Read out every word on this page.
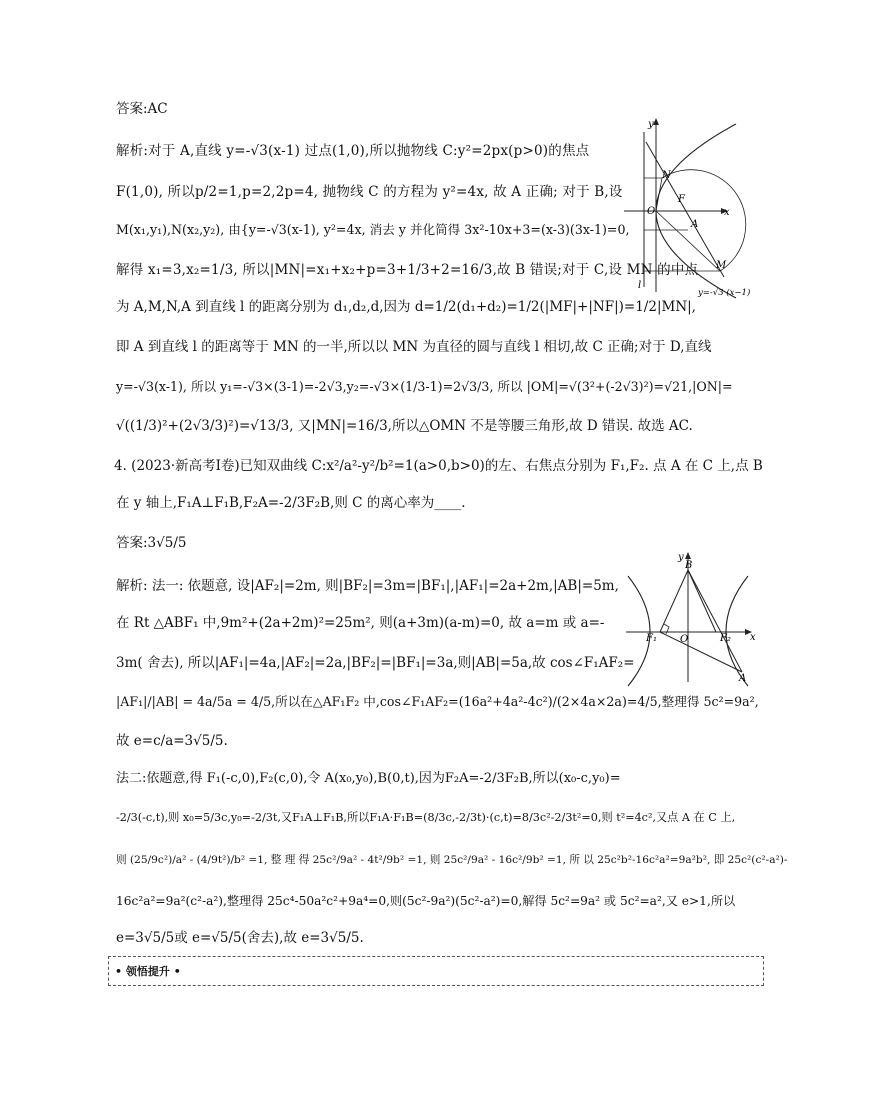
答案:AC
解析:对于 A,直线 y=-√3(x-1) 过点(1,0),所以抛物线 C:y²=2px(p>0)的焦点
F(1,0), 所以p/2=1,p=2,2p=4, 抛物线 C 的方程为 y²=4x, 故 A 正确; 对于 B,设
M(x₁,y₁),N(x₂,y₂), 由{y=-√3(x-1), y²=4x, 消去 y 并化简得 3x²-10x+3=(x-3)(3x-1)=0,
解得 x₁=3,x₂=1/3, 所以|MN|=x₁+x₂+p=3+1/3+2=16/3,故 B 错误;对于 C,设 MN 的中点
为 A,M,N,A 到直线 l 的距离分别为 d₁,d₂,d,因为 d=1/2(d₁+d₂)=1/2(|MF|+|NF|)=1/2|MN|,
即 A 到直线 l 的距离等于 MN 的一半,所以以 MN 为直径的圆与直线 l 相切,故 C 正确;对于 D,直线
y=-√3(x-1), 所以 y₁=-√3×(3-1)=-2√3,y₂=-√3×(1/3-1)=2√3/3, 所以 |OM|=√(3²+(-2√3)²)=√21,|ON|=
√((1/3)²+(2√3/3)²)=√13/3, 又|MN|=16/3,所以△OMN 不是等腰三角形,故 D 错误. 故选 AC.
y
N
F
O	x
A
l
M
y=-√3 (x−1)
4. (2023·新高考Ⅰ卷)已知双曲线 C:x²/a²-y²/b²=1(a>0,b>0)的左、右焦点分别为 F₁,F₂. 点 A 在 C 上,点 B
在 y 轴上,F₁A⊥F₁B,F₂A=-2/3F₂B,则 C 的离心率为____.
答案:3√5/5
解析: 法一: 依题意, 设|AF₂|=2m, 则|BF₂|=3m=|BF₁|,|AF₁|=2a+2m,|AB|=5m,
在 Rt △ABF₁ 中,9m²+(2a+2m)²=25m², 则(a+3m)(a-m)=0, 故 a=m 或 a=-
3m( 舍去), 所以|AF₁|=4a,|AF₂|=2a,|BF₂|=|BF₁|=3a,则|AB|=5a,故 cos∠F₁AF₂=
|AF₁|/|AB| = 4a/5a = 4/5,所以在△AF₁F₂ 中,cos∠F₁AF₂=(16a²+4a²-4c²)/(2×4a×2a)=4/5,整理得 5c²=9a²,
故 e=c/a=3√5/5.
法二:依题意,得 F₁(-c,0),F₂(c,0),令 A(x₀,y₀),B(0,t),因为F₂A=-2/3F₂B,所以(x₀-c,y₀)=
-2/3(-c,t),则 x₀=5/3c,y₀=-2/3t,又F₁A⊥F₁B,所以F₁A·F₁B=(8/3c,-2/3t)·(c,t)=8/3c²-2/3t²=0,则 t²=4c²,又点 A 在 C 上,
则 (25/9c²)/a² - (4/9t²)/b² =1, 整 理 得 25c²/9a² - 4t²/9b² =1, 则 25c²/9a² - 16c²/9b² =1, 所 以 25c²b²-16c²a²=9a²b², 即 25c²(c²-a²)-
16c²a²=9a²(c²-a²),整理得 25c⁴-50a²c²+9a⁴=0,则(5c²-9a²)(5c²-a²)=0,解得 5c²=9a² 或 5c²=a²,又 e>1,所以
e=3√5/5或 e=√5/5(舍去),故 e=3√5/5.
y
B
F₁ O	F₂ x
A
• 领悟提升 •
